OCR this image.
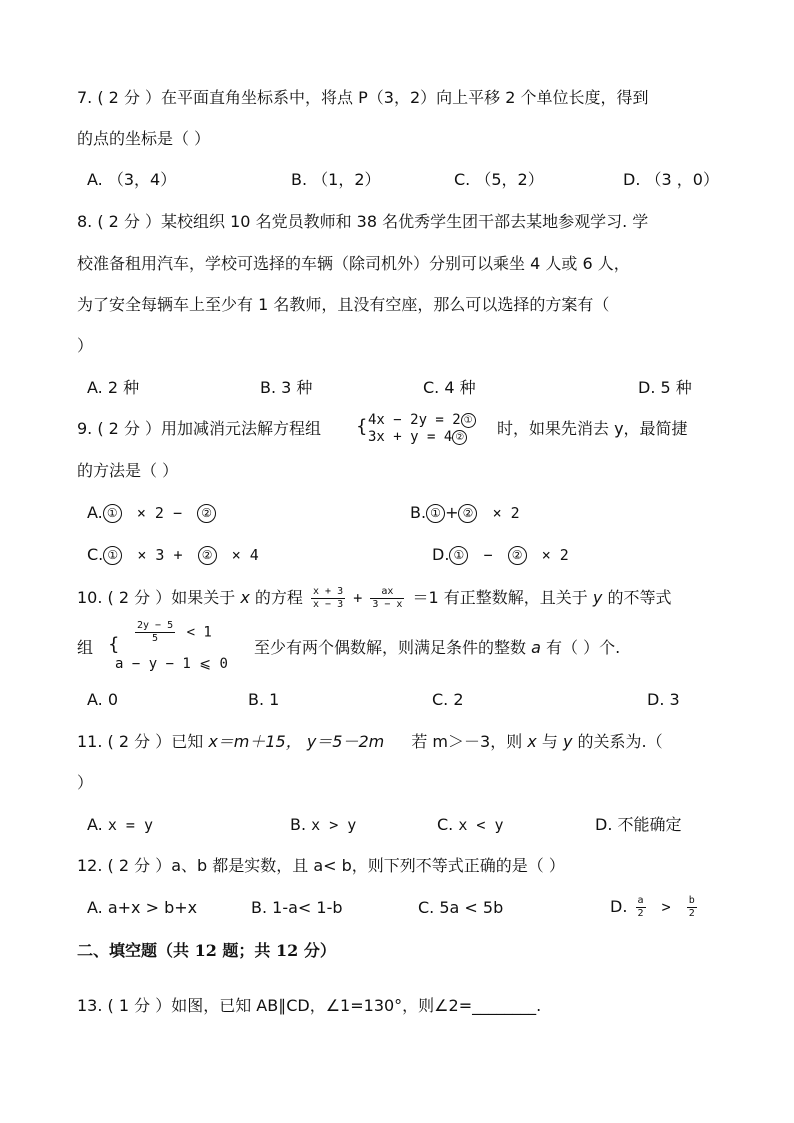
7. ( 2 分 ）在平面直角坐标系中，将点 P（3，2）向上平移 2 个单位长度，得到
的点的坐标是（ ）
A. （3，4）	B. （1，2）	C. （5，2）	D. （3 ，0）
8. ( 2 分 ）某校组织 10 名党员教师和 38 名优秀学生团干部去某地参观学习. 学
校准备租用汽车，学校可选择的车辆（除司机外）分别可以乘坐 4 人或 6 人，
为了安全每辆车上至少有 1 名教师，且没有空座，那么可以选择的方案有（
）
A. 2 种	B. 3 种	C. 4 种	D. 5 种
9. ( 2 分 ）用加减消元法解方程组 { 4x − 2y = 2 ①
3x + y = 4 ② 时，如果先消去 y，最简捷
的方法是（ ）
A. ① × 2 − ②	B. ① + ② × 2
C. ① × 3 + ② × 4	D. ① − ② × 2
10. ( 2 分 ）如果关于 x 的方程 $\frac{x + 3}{x - 3} + \frac{ax}{3 - x} =1$ 有正整数解，且关于 y 的不等式
组 { $\frac{2y - 5}{5} < 1$
a − y − 1 ⩽ 0
至少有两个偶数解，则满足条件的整数 a 有（ ）个.
A. 0	B. 1	C. 2	D. 3
11. ( 2 分 ）已知 x＝m＋15， y＝5－2m 若 m＞－3，则 x 与 y 的关系为.（
）
A. x = y	B. x > y	C. x < y	D. 不能确定
12. ( 2 分 ）a、b 都是实数，且 a< b，则下列不等式正确的是（ ）
A. a+x > b+x	B. 1-a< 1-b	C. 5a < 5b	D. $\frac{a}{2} > \frac{b}{2}$
二、填空题（共 12 题；共 12 分）
13. ( 1 分 ）如图，已知 AB∥CD，∠1=130°，则∠2=________.
